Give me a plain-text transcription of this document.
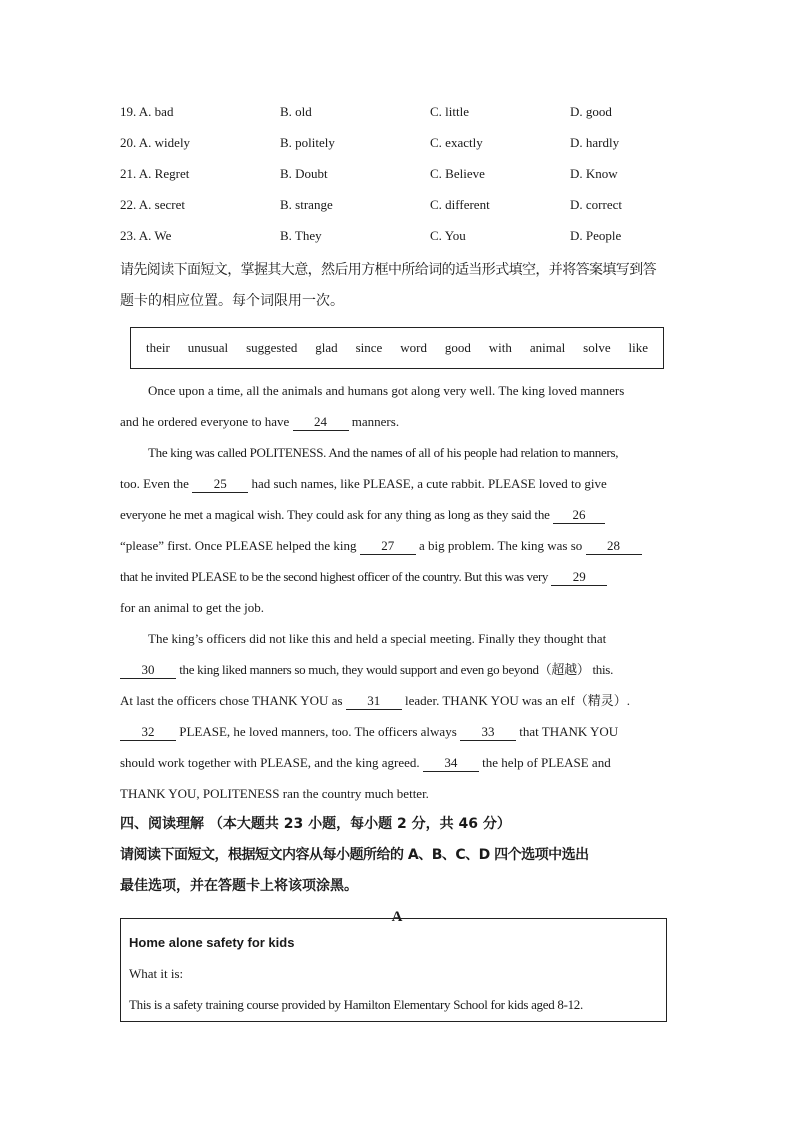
19. A. bad	B. old	C. little	D. good
20. A. widely	B. politely	C. exactly	D. hardly
21. A. Regret	B. Doubt	C. Believe	D. Know
22. A. secret	B. strange	C. different	D. correct
23. A. We	B. They	C. You	D. People
请先阅读下面短文，掌握其大意，然后用方框中所给词的适当形式填空，并将答案填写到答
题卡的相应位置。每个词限用一次。
their unusual suggested glad since word good with animal solve like
Once upon a time, all the animals and humans got along very well. The king loved manners
and he ordered everyone to have 24 manners.
The king was called POLITENESS. And the names of all of his people had relation to manners,
too. Even the 25 had such names, like PLEASE, a cute rabbit. PLEASE loved to give
everyone he met a magical wish. They could ask for any thing as long as they said the 26
“please” first. Once PLEASE helped the king 27 a big problem. The king was so 28
that he invited PLEASE to be the second highest officer of the country. But this was very 29
for an animal to get the job.
The king’s officers did not like this and held a special meeting. Finally they thought that
30 the king liked manners so much, they would support and even go beyond（超越） this.
At last the officers chose THANK YOU as 31 leader. THANK YOU was an elf（精灵）.
32 PLEASE, he loved manners, too. The officers always 33 that THANK YOU
should work together with PLEASE, and the king agreed. 34 the help of PLEASE and
THANK YOU, POLITENESS ran the country much better.
四、阅读理解 （本大题共 23 小题，每小题 2 分，共 46 分）
请阅读下面短文，根据短文内容从每小题所给的 A、B、C、D 四个选项中选出
最佳选项，并在答题卡上将该项涂黑。
A
Home alone safety for kids
What it is:
This is a safety training course provided by Hamilton Elementary School for kids aged 8-12.
